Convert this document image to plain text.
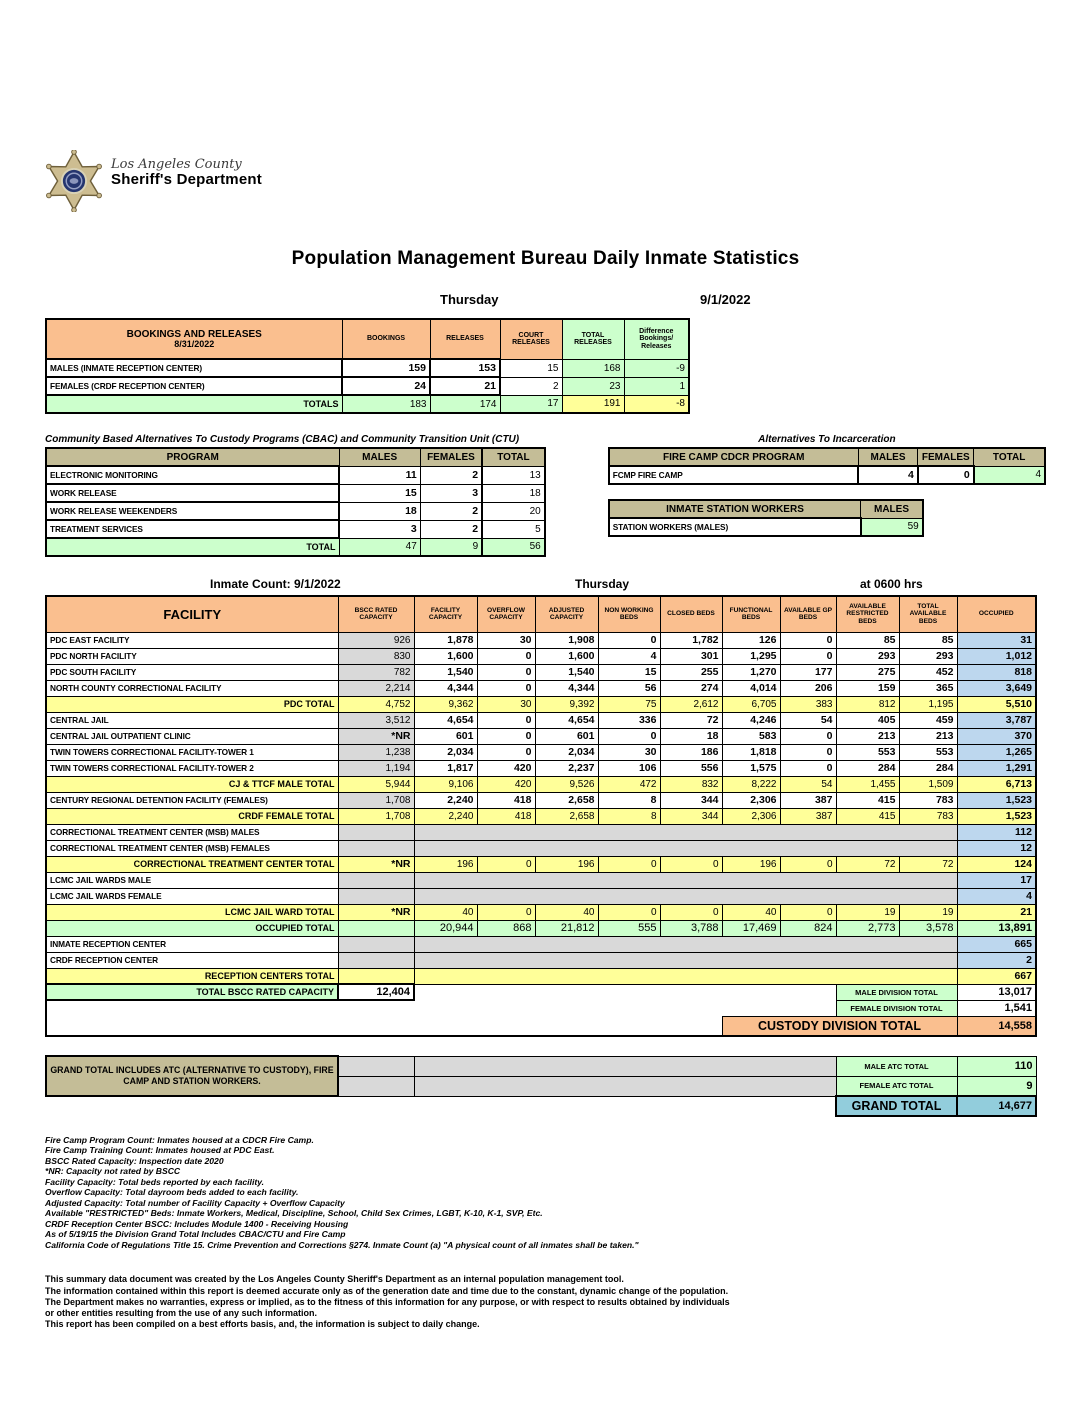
Los Angeles County
Sheriff's Department
Population Management Bureau Daily Inmate Statistics
Thursday	9/1/2022
BOOKINGS AND RELEASES
8/31/2022	BOOKINGS	RELEASES	COURT RELEASES	TOTAL RELEASES	Difference Bookings/ Releases
MALES (INMATE RECEPTION CENTER)	159	153	15	168	-9
FEMALES (CRDF RECEPTION CENTER)	24	21	2	23	1
TOTALS	183	174	17	191	-8
Community Based Alternatives To Custody Programs (CBAC) and Community Transition Unit (CTU)
PROGRAM	MALES	FEMALES	TOTAL
ELECTRONIC MONITORING	11	2	13
WORK RELEASE	15	3	18
WORK RELEASE WEEKENDERS	18	2	20
TREATMENT SERVICES	3	2	5
TOTAL	47	9	56
Alternatives To Incarceration
FIRE CAMP CDCR PROGRAM	MALES	FEMALES	TOTAL
FCMP FIRE CAMP	4	0	4
INMATE STATION WORKERS	MALES
STATION WORKERS (MALES)	59
Inmate Count: 9/1/2022	Thursday	at 0600 hrs
FACILITY	BSCC RATED CAPACITY	FACILITY CAPACITY	OVERFLOW CAPACITY	ADJUSTED CAPACITY	NON WORKING BEDS	CLOSED BEDS	FUNCTIONAL BEDS	AVAILABLE GP BEDS	AVAILABLE RESTRICTED BEDS	TOTAL AVAILABLE BEDS	OCCUPIED
PDC EAST FACILITY	926	1,878	30	1,908	0	1,782	126	0	85	85	31
PDC NORTH FACILITY	830	1,600	0	1,600	4	301	1,295	0	293	293	1,012
PDC SOUTH FACILITY	782	1,540	0	1,540	15	255	1,270	177	275	452	818
NORTH COUNTY CORRECTIONAL FACILITY	2,214	4,344	0	4,344	56	274	4,014	206	159	365	3,649
PDC TOTAL	4,752	9,362	30	9,392	75	2,612	6,705	383	812	1,195	5,510
CENTRAL JAIL	3,512	4,654	0	4,654	336	72	4,246	54	405	459	3,787
CENTRAL JAIL OUTPATIENT CLINIC	*NR	601	0	601	0	18	583	0	213	213	370
TWIN TOWERS CORRECTIONAL FACILITY-TOWER 1	1,238	2,034	0	2,034	30	186	1,818	0	553	553	1,265
TWIN TOWERS CORRECTIONAL FACILITY-TOWER 2	1,194	1,817	420	2,237	106	556	1,575	0	284	284	1,291
CJ & TTCF MALE TOTAL	5,944	9,106	420	9,526	472	832	8,222	54	1,455	1,509	6,713
CENTURY REGIONAL DETENTION FACILITY (FEMALES)	1,708	2,240	418	2,658	8	344	2,306	387	415	783	1,523
CRDF FEMALE TOTAL	1,708	2,240	418	2,658	8	344	2,306	387	415	783	1,523
CORRECTIONAL TREATMENT CENTER (MSB) MALES											112
CORRECTIONAL TREATMENT CENTER (MSB) FEMALES											12
CORRECTIONAL TREATMENT CENTER TOTAL	*NR	196	0	196	0	0	196	0	72	72	124
LCMC JAIL WARDS MALE											17
LCMC JAIL WARDS FEMALE											4
LCMC JAIL WARD TOTAL	*NR	40	0	40	0	0	40	0	19	19	21
OCCUPIED TOTAL		20,944	868	21,812	555	3,788	17,469	824	2,773	3,578	13,891
INMATE RECEPTION CENTER											665
CRDF RECEPTION CENTER											2
RECEPTION CENTERS TOTAL											667
TOTAL BSCC RATED CAPACITY	12,404								MALE DIVISION TOTAL		13,017
									FEMALE DIVISION TOTAL		1,541
							CUSTODY DIVISION TOTAL				14,558
GRAND TOTAL INCLUDES ATC (ALTERNATIVE TO CUSTODY), FIRE CAMP AND STATION WORKERS.			MALE ATC TOTAL	110
			FEMALE ATC TOTAL	9
			GRAND TOTAL	14,677
Fire Camp Program Count: Inmates housed at a CDCR Fire Camp.
Fire Camp Training Count: Inmates housed at PDC East.
BSCC Rated Capacity: Inspection date 2020
*NR: Capacity not rated by BSCC
Facility Capacity: Total beds reported by each facility.
Overflow Capacity: Total dayroom beds added to each facility.
Adjusted Capacity: Total number of Facility Capacity + Overflow Capacity
Available "RESTRICTED" Beds: Inmate Workers, Medical, Discipline, School, Child Sex Crimes, LGBT, K-10, K-1, SVP, Etc.
CRDF Reception Center BSCC: Includes Module 1400 - Receiving Housing
As of 5/19/15 the Division Grand Total Includes CBAC/CTU and Fire Camp
California Code of Regulations Title 15. Crime Prevention and Corrections §274. Inmate Count (a) "A physical count of all inmates shall be taken."
This summary data document was created by the Los Angeles County Sheriff's Department as an internal population management tool.
The information contained within this report is deemed accurate only as of the generation date and time due to the constant, dynamic change of the population.
The Department makes no warranties, express or implied, as to the fitness of this information for any purpose, or with respect to results obtained by individuals
or other entities resulting from the use of any such information.
This report has been compiled on a best efforts basis, and, the information is subject to daily change.
